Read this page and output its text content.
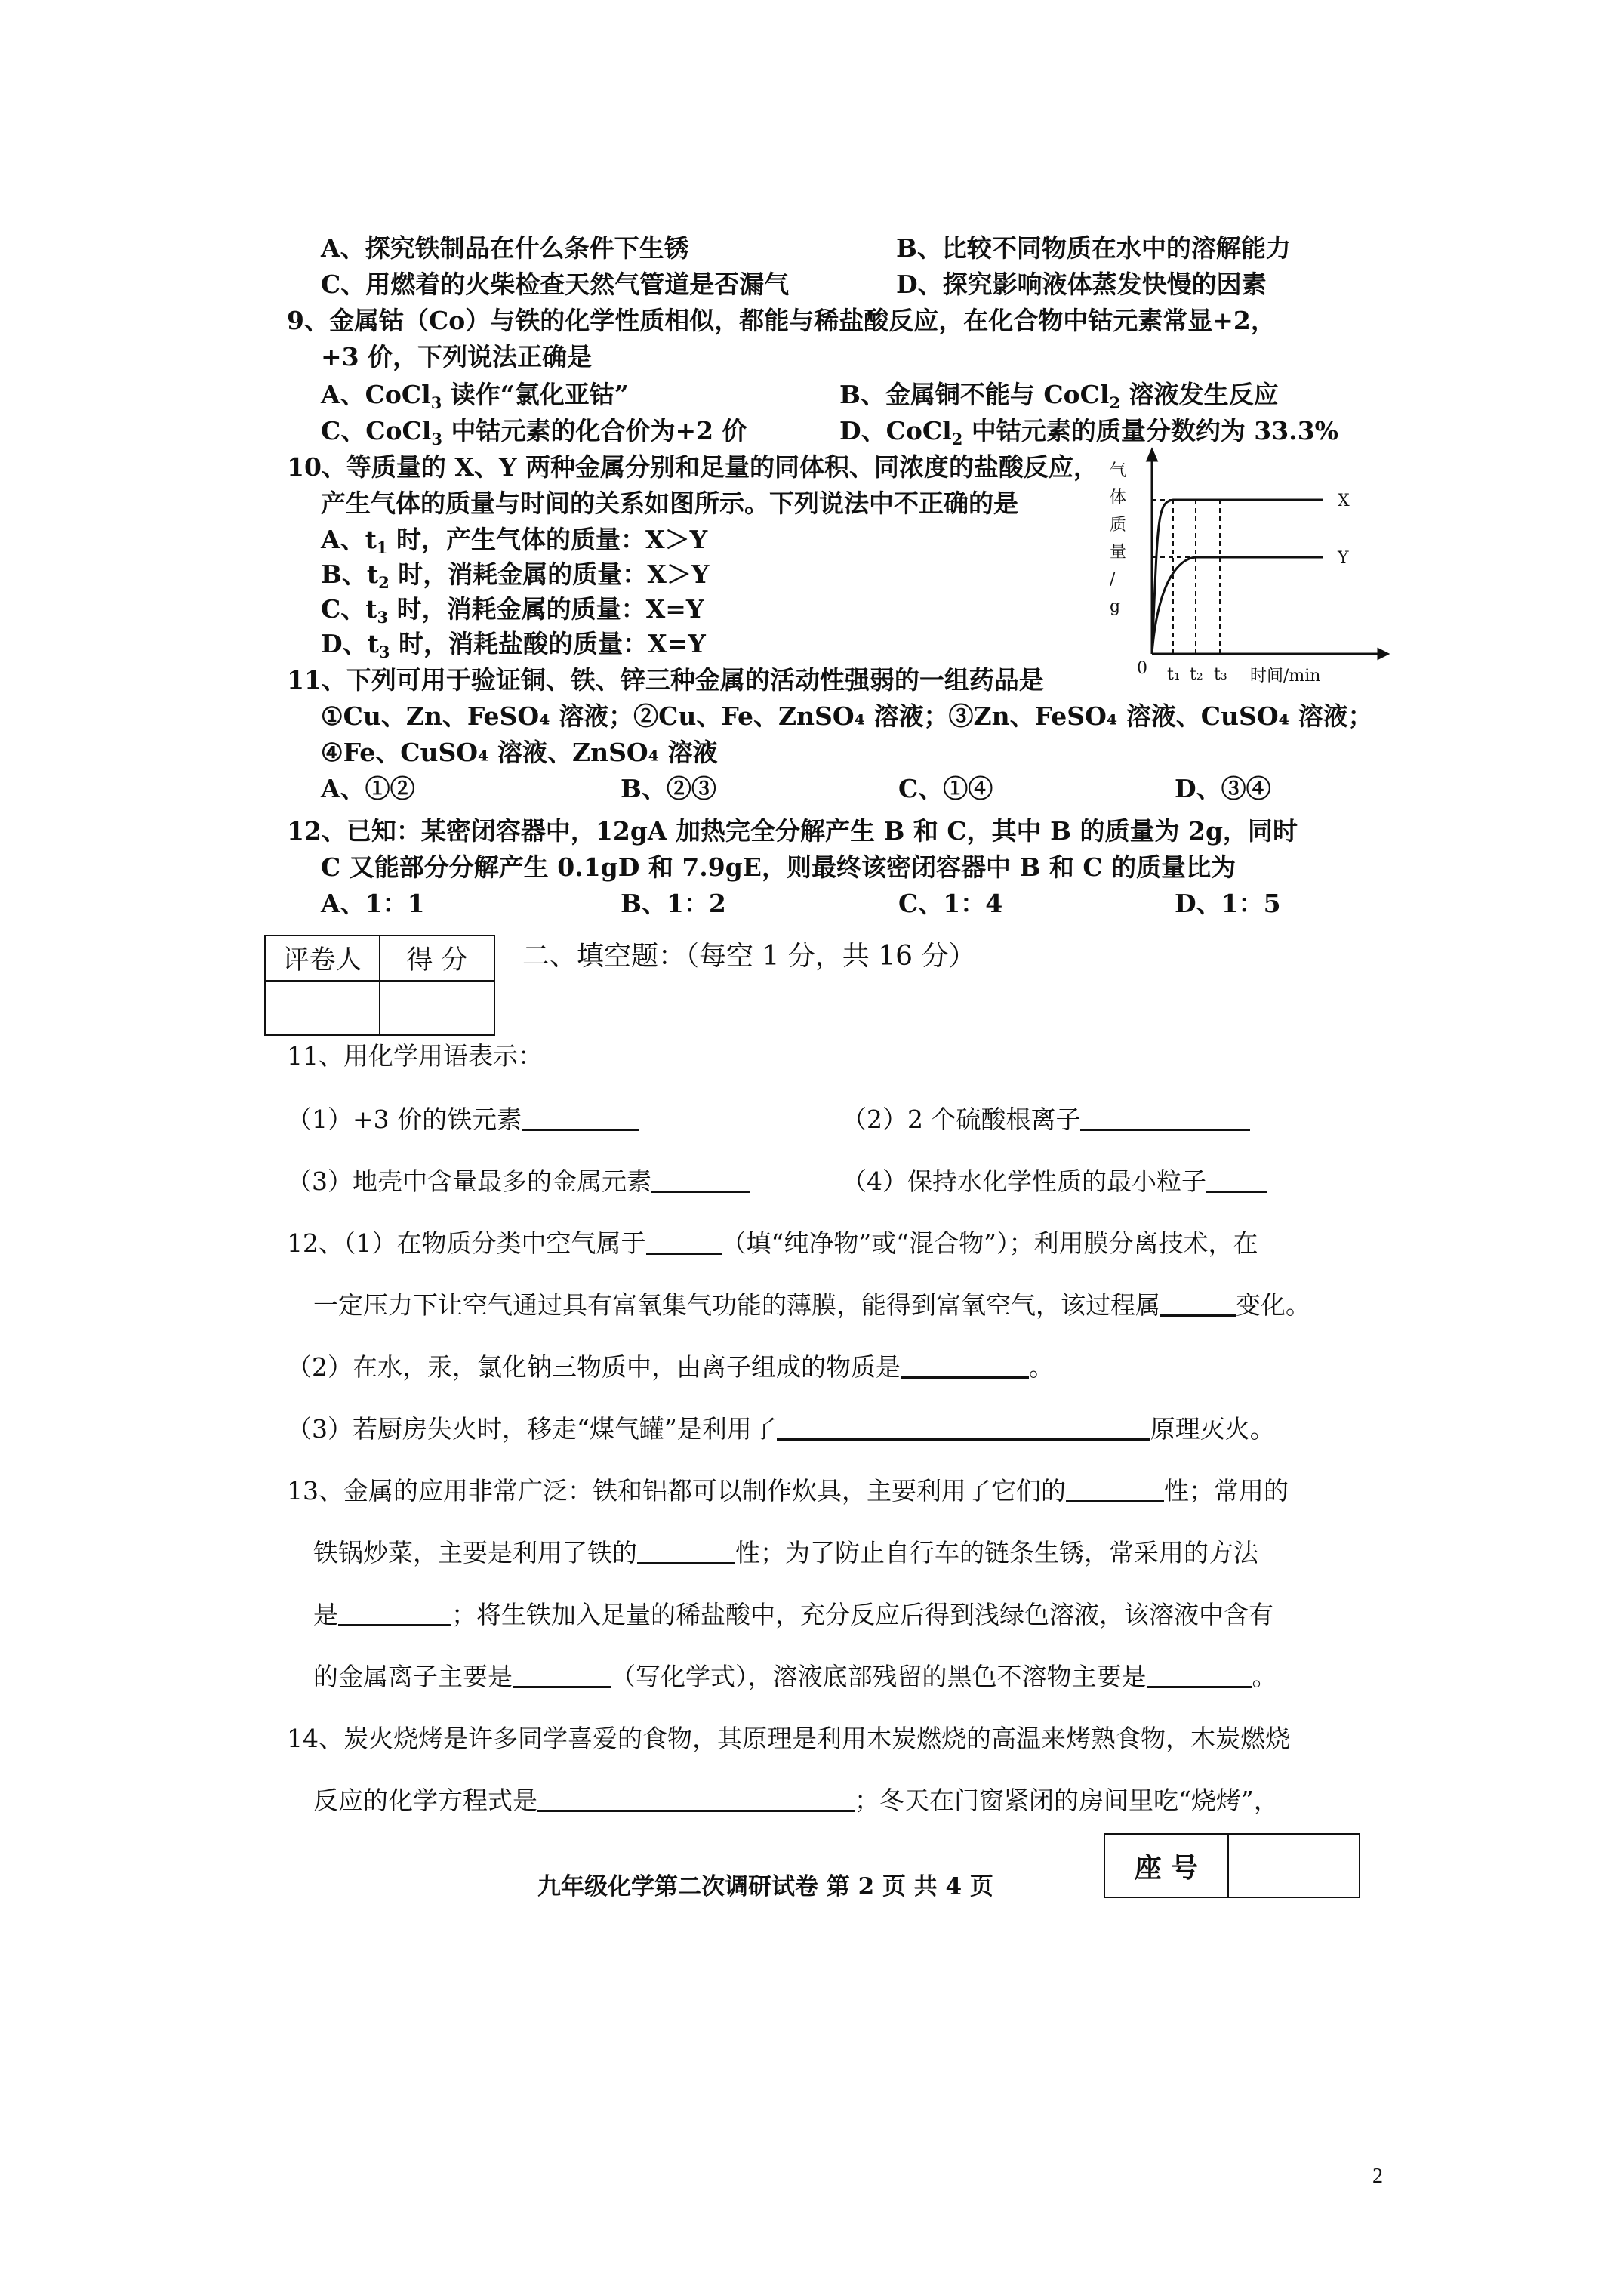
A、探究铁制品在什么条件下生锈	B、比较不同物质在水中的溶解能力
C、用燃着的火柴检查天然气管道是否漏气	D、探究影响液体蒸发快慢的因素
9、金属钴（Co）与铁的化学性质相似，都能与稀盐酸反应，在化合物中钴元素常显+2，
+3 价，下列说法正确是
A、CoCl$_3$ 读作“氯化亚钴”	B、金属铜不能与 CoCl$_2$ 溶液发生反应
C、CoCl$_3$ 中钴元素的化合价为+2 价	D、CoCl$_2$ 中钴元素的质量分数约为 33.3%
10、等质量的 X、Y 两种金属分别和足量的同体积、同浓度的盐酸反应，
产生气体的质量与时间的关系如图所示。下列说法中不正确的是
A、$t_1$ 时，产生气体的质量：X＞Y
B、$t_2$ 时，消耗金属的质量：X＞Y
C、$t_3$ 时，消耗金属的质量：X=Y
D、$t_3$ 时，消耗盐酸的质量：X=Y
X
Y
t₁ t₂ t₃
0	时间/min
气
体
质
量
/
g
11、下列可用于验证铜、铁、锌三种金属的活动性强弱的一组药品是
①Cu、Zn、FeSO₄ 溶液；②Cu、Fe、ZnSO₄ 溶液；③Zn、FeSO₄ 溶液、CuSO₄ 溶液；
④Fe、CuSO₄ 溶液、ZnSO₄ 溶液
A、①②	B、②③	C、①④	D、③④
12、已知：某密闭容器中，12gA 加热完全分解产生 B 和 C，其中 B 的质量为 2g，同时
C 又能部分分解产生 0.1gD 和 7.9gE，则最终该密闭容器中 B 和 C 的质量比为
A、1：1	B、1：2	C、1：4	D、1：5
评卷人	得 分
	二、填空题：（每空 1 分，共 16 分）
11、用化学用语表示：
（1）+3 价的铁元素	（2）2 个硫酸根离子
（3）地壳中含量最多的金属元素	（4）保持水化学性质的最小粒子
12、（1）在物质分类中空气属于	（填“纯净物”或“混合物”）；利用膜分离技术，在
一定压力下让空气通过具有富氧集气功能的薄膜，能得到富氧空气，该过程属	变化。
（2）在水，汞，氯化钠三物质中，由离子组成的物质是	。
（3）若厨房失火时，移走“煤气罐”是利用了	原理灭火。
13、金属的应用非常广泛：铁和铝都可以制作炊具，主要利用了它们的	性；常用的
铁锅炒菜，主要是利用了铁的	性；为了防止自行车的链条生锈，常采用的方法
是	；将生铁加入足量的稀盐酸中，充分反应后得到浅绿色溶液，该溶液中含有
的金属离子主要是	（写化学式），溶液底部残留的黑色不溶物主要是	。
14、炭火烧烤是许多同学喜爱的食物，其原理是利用木炭燃烧的高温来烤熟食物，木炭燃烧
反应的化学方程式是	；冬天在门窗紧闭的房间里吃“烧烤”，
九年级化学第二次调研试卷 第 2 页 共 4 页
座 号	
2
